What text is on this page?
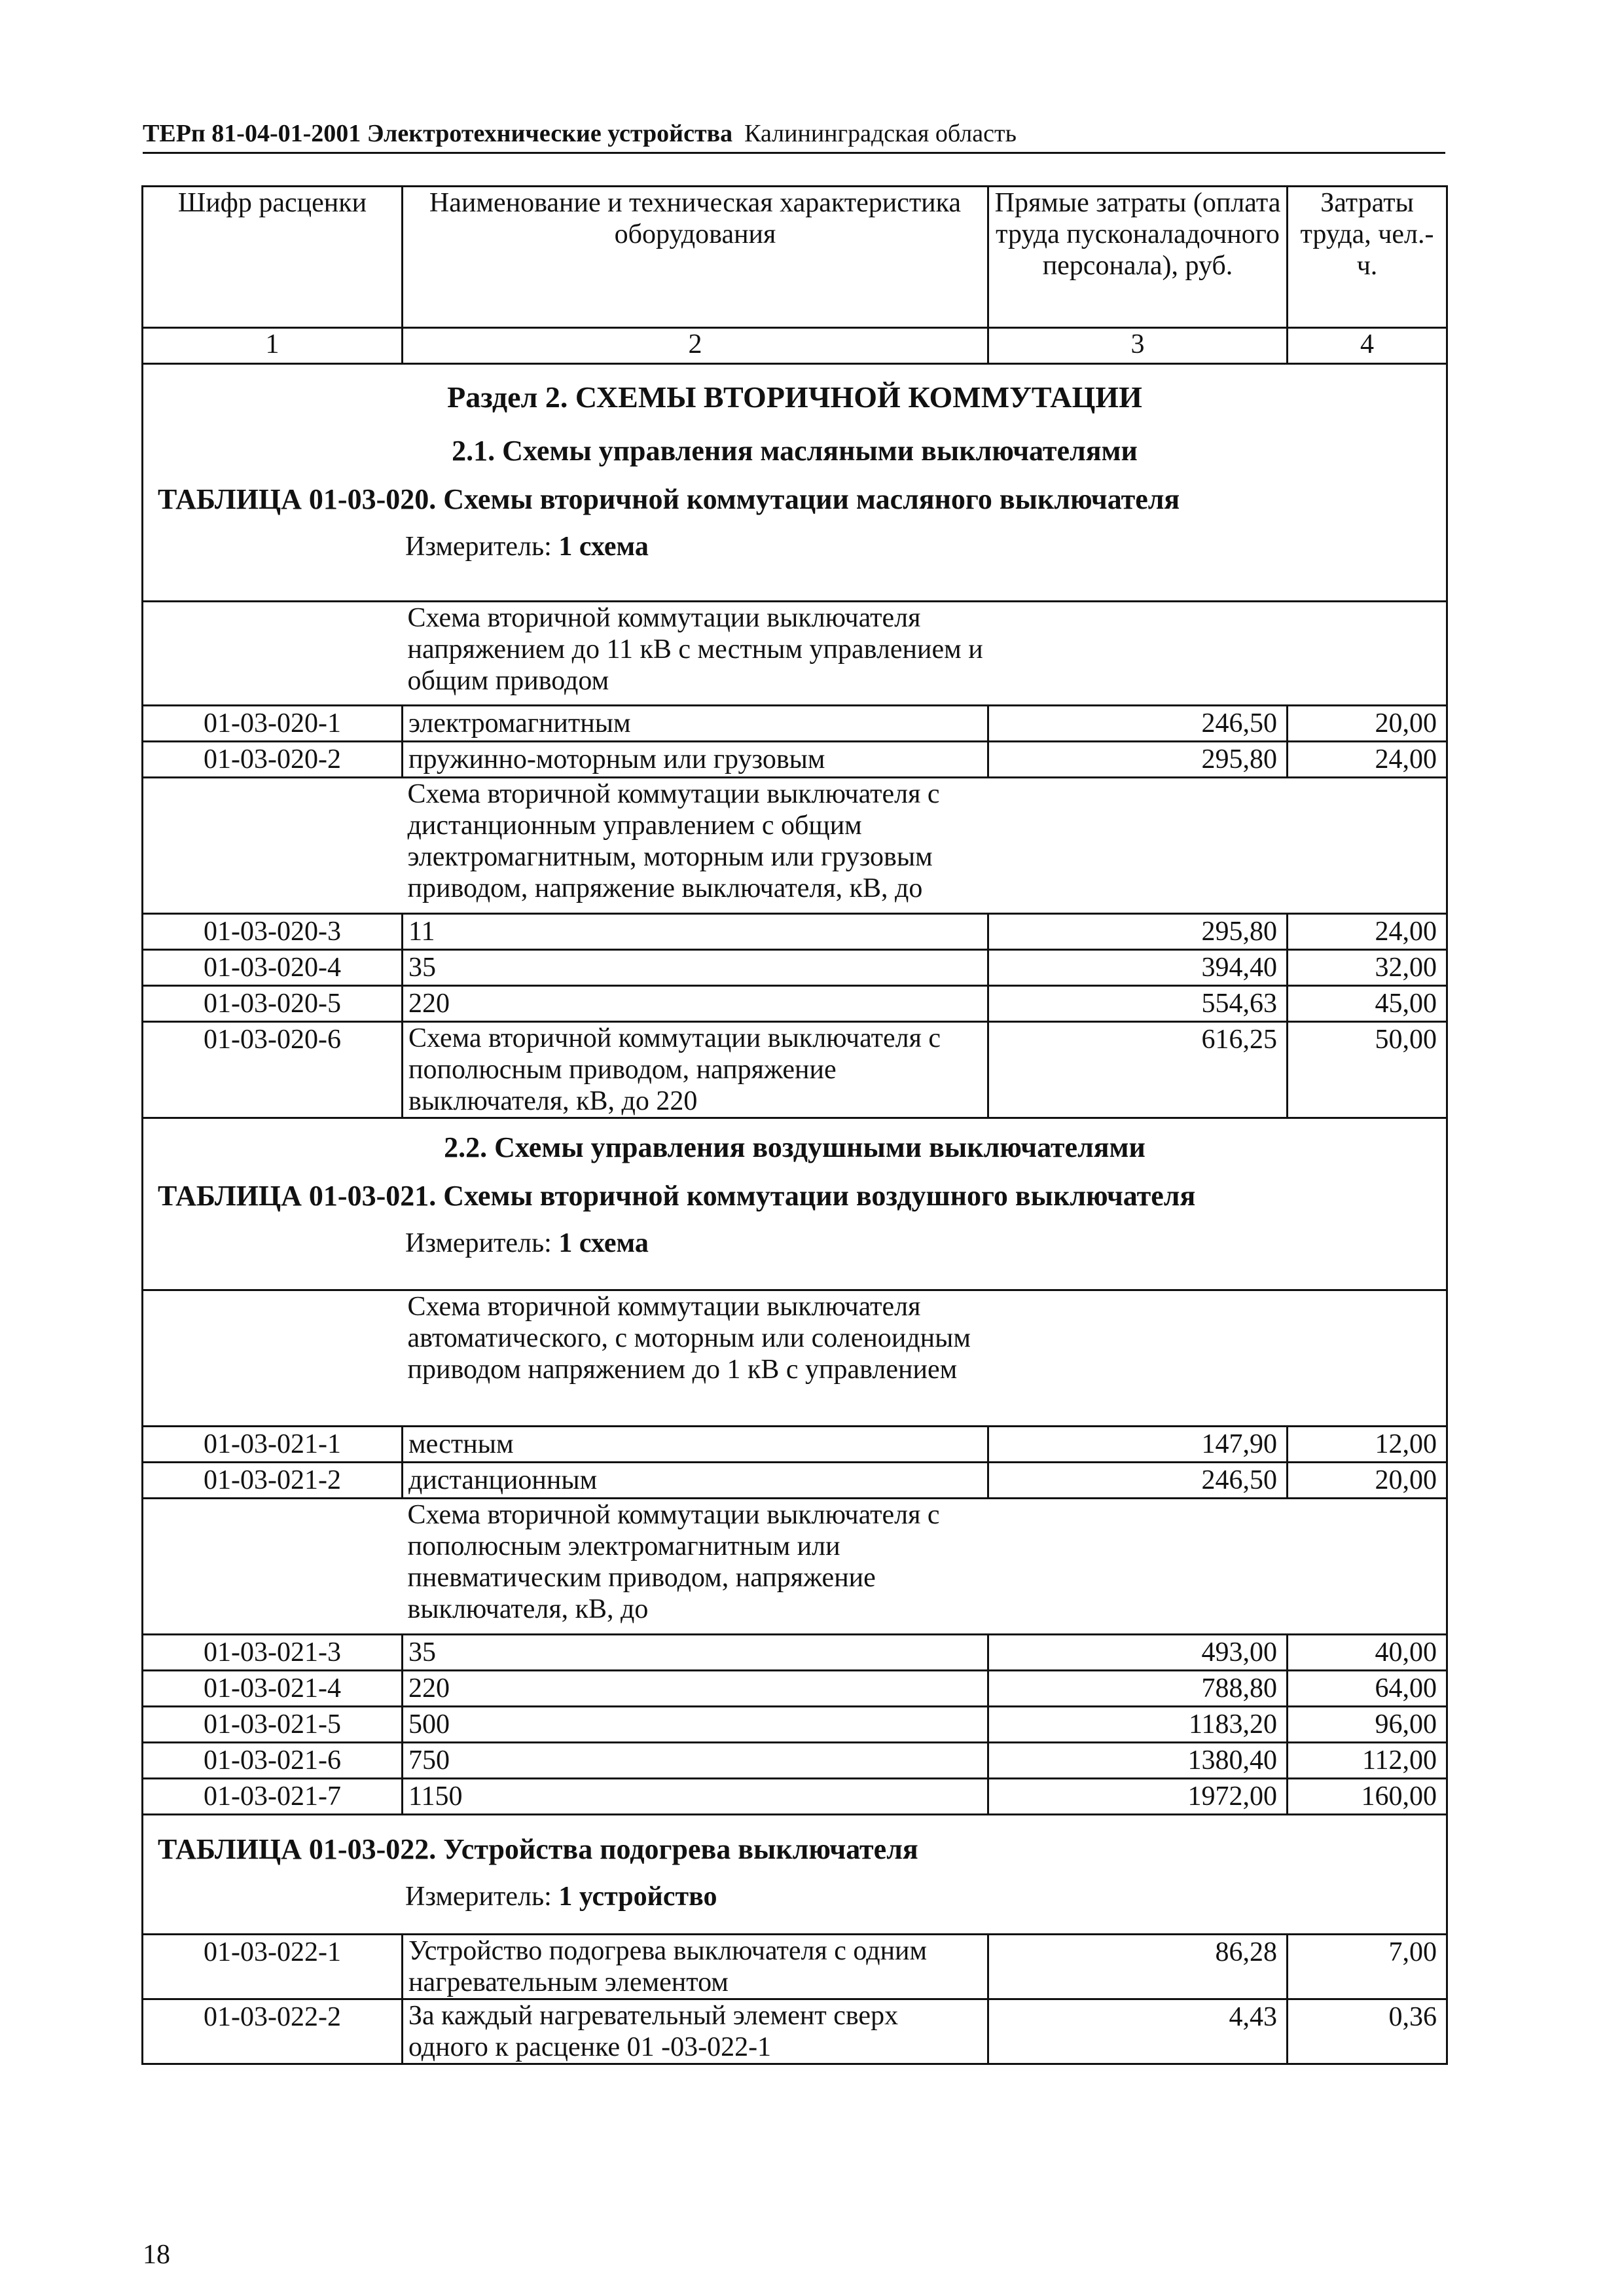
ТЕРп 81-04-01-2001 Электротехнические устройства Калининградская область
Шифр расценки	Наименование и техническая характеристика оборудования	Прямые затраты (оплата труда пусконаладочного персонала), руб.	Затраты труда, чел.-ч.
1	2	3	4

Раздел 2. СХЕМЫ ВТОРИЧНОЙ КОММУТАЦИИ
2.1. Схемы управления масляными выключателями
ТАБЛИЦА 01-03-020. Схемы вторичной коммутации масляного выключателя
Измеритель: 1 схема			

	Схема вторичной коммутации выключателя напряжением до 11 кВ с местным управлением и общим приводом		

01-03-020-1	электромагнитным	246,50	20,00
01-03-020-2	пружинно-моторным или грузовым	295,80	24,00

	Схема вторичной коммутации выключателя с дистанционным управлением с общим электромагнитным, моторным или грузовым приводом, напряжение выключателя, кВ, до		

01-03-020-3	11	295,80	24,00
01-03-020-4	35	394,40	32,00
01-03-020-5	220	554,63	45,00
01-03-020-6	Схема вторичной коммутации выключателя с пополюсным приводом, напряжение выключателя, кВ, до 220	616,25	50,00

2.2. Схемы управления воздушными выключателями
ТАБЛИЦА 01-03-021. Схемы вторичной коммутации воздушного выключателя
Измеритель: 1 схема			

	Схема вторичной коммутации выключателя автоматического, с моторным или соленоидным приводом напряжением до 1 кВ с управлением		

01-03-021-1	местным	147,90	12,00
01-03-021-2	дистанционным	246,50	20,00

	Схема вторичной коммутации выключателя с пополюсным электромагнитным или пневматическим приводом, напряжение выключателя, кВ, до		

01-03-021-3	35	493,00	40,00
01-03-021-4	220	788,80	64,00
01-03-021-5	500	1183,20	96,00
01-03-021-6	750	1380,40	112,00
01-03-021-7	1150	1972,00	160,00

ТАБЛИЦА 01-03-022. Устройства подогрева выключателя
Измеритель: 1 устройство			

01-03-022-1	Устройство подогрева выключателя с одним нагревательным элементом	86,28	7,00
01-03-022-2	За каждый нагревательный элемент сверх одного к расценке 01 -03-022-1	4,43	0,36
18
